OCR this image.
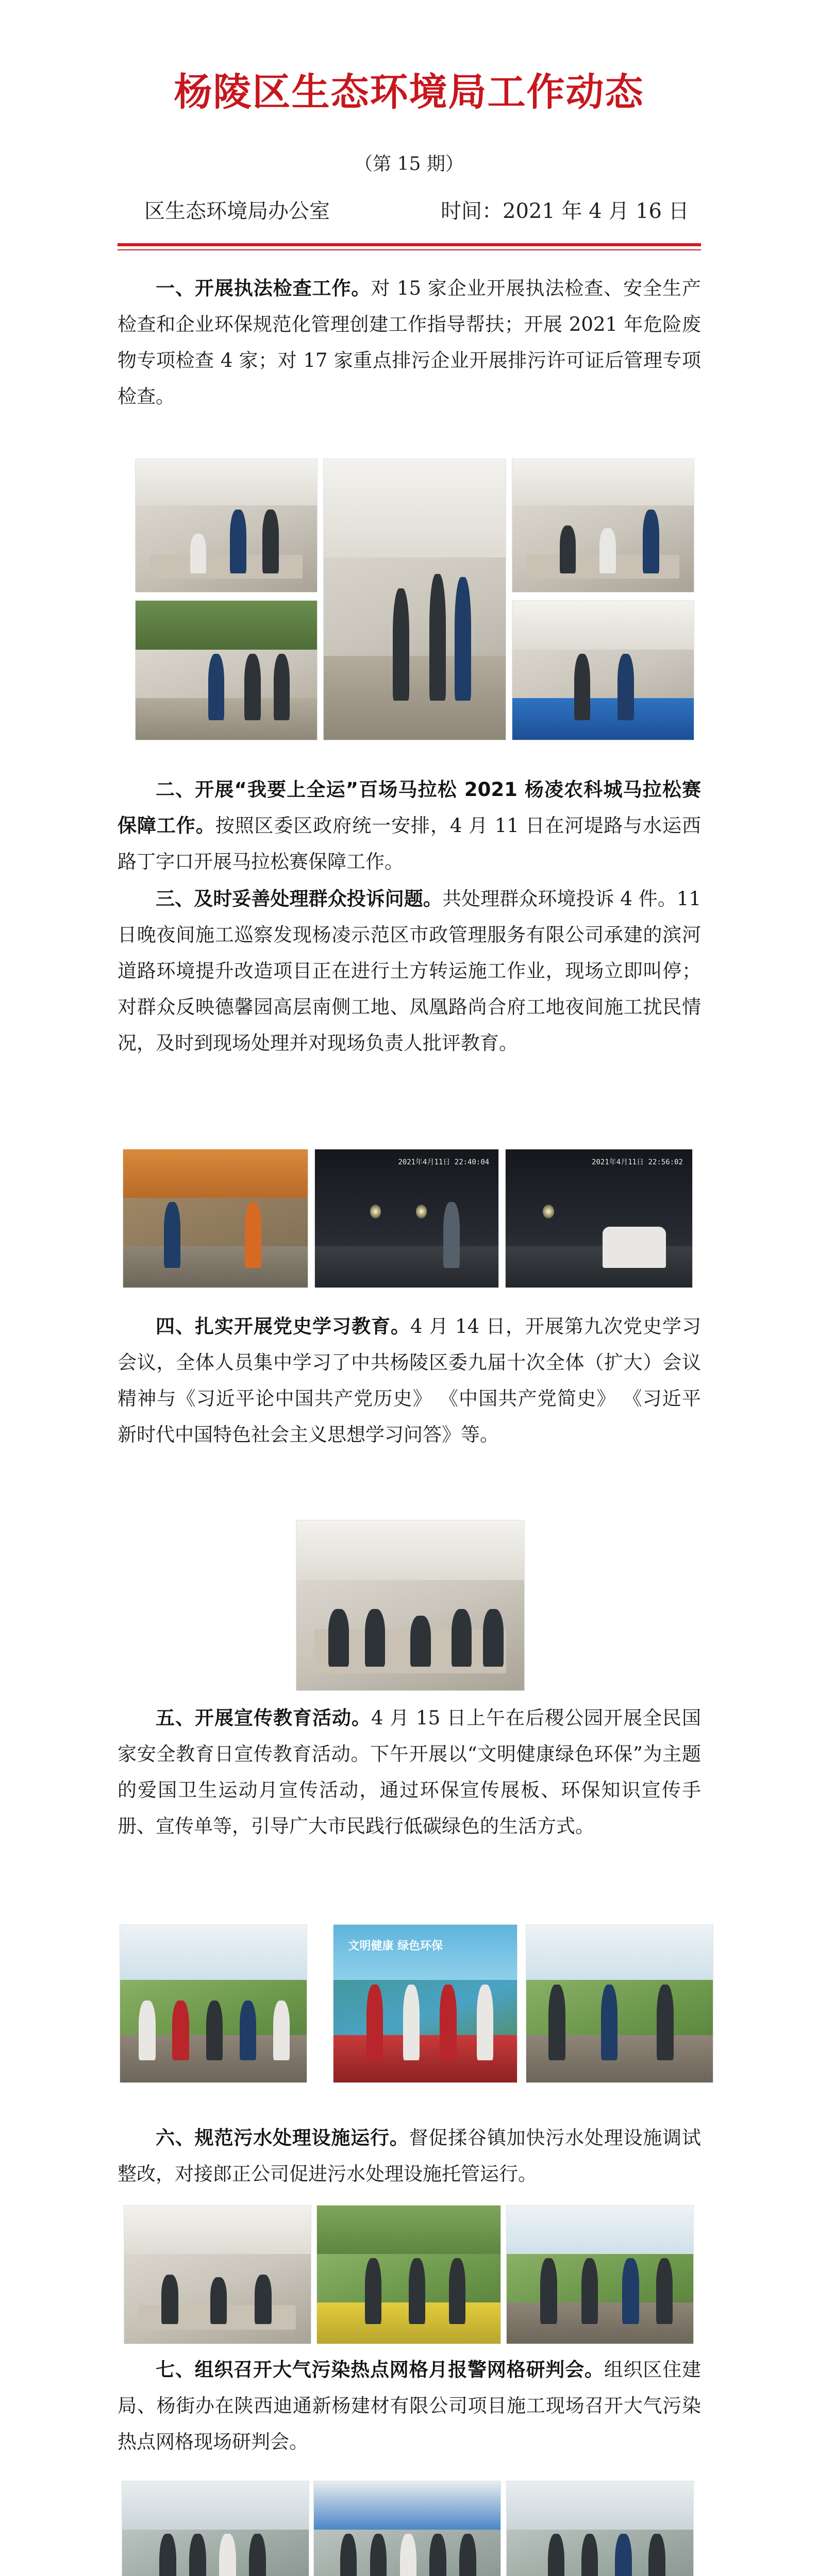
杨陵区生态环境局工作动态
（第 15 期）
区生态环境局办公室	时间：2021 年 4 月 16 日
一、开展执法检查工作。对 15 家企业开展执法检查、安全生产检查和企业环保规范化管理创建工作指导帮扶；开展 2021 年危险废物专项检查 4 家；对 17 家重点排污企业开展排污许可证后管理专项检查。
二、开展“我要上全运”百场马拉松 2021 杨凌农科城马拉松赛保障工作。按照区委区政府统一安排，4 月 11 日在河堤路与水运西路丁字口开展马拉松赛保障工作。
三、及时妥善处理群众投诉问题。共处理群众环境投诉 4 件。11 日晚夜间施工巡察发现杨凌示范区市政管理服务有限公司承建的滨河道路环境提升改造项目正在进行土方转运施工作业，现场立即叫停；对群众反映德馨园高层南侧工地、凤凰路尚合府工地夜间施工扰民情况，及时到现场处理并对现场负责人批评教育。
2021年4月11日 22:40:04	2021年4月11日 22:56:02
四、扎实开展党史学习教育。4 月 14 日，开展第九次党史学习会议，全体人员集中学习了中共杨陵区委九届十次全体（扩大）会议精神与《习近平论中国共产党历史》 《中国共产党简史》 《习近平新时代中国特色社会主义思想学习问答》等。
五、开展宣传教育活动。4 月 15 日上午在后稷公园开展全民国家安全教育日宣传教育活动。下午开展以“文明健康绿色环保”为主题的爱国卫生运动月宣传活动，通过环保宣传展板、环保知识宣传手册、宣传单等，引导广大市民践行低碳绿色的生活方式。
文明健康 绿色环保
六、规范污水处理设施运行。督促揉谷镇加快污水处理设施调试整改，对接郎正公司促进污水处理设施托管运行。
七、组织召开大气污染热点网格月报警网格研判会。组织区住建局、杨街办在陕西迪通新杨建材有限公司项目施工现场召开大气污染热点网格现场研判会。
